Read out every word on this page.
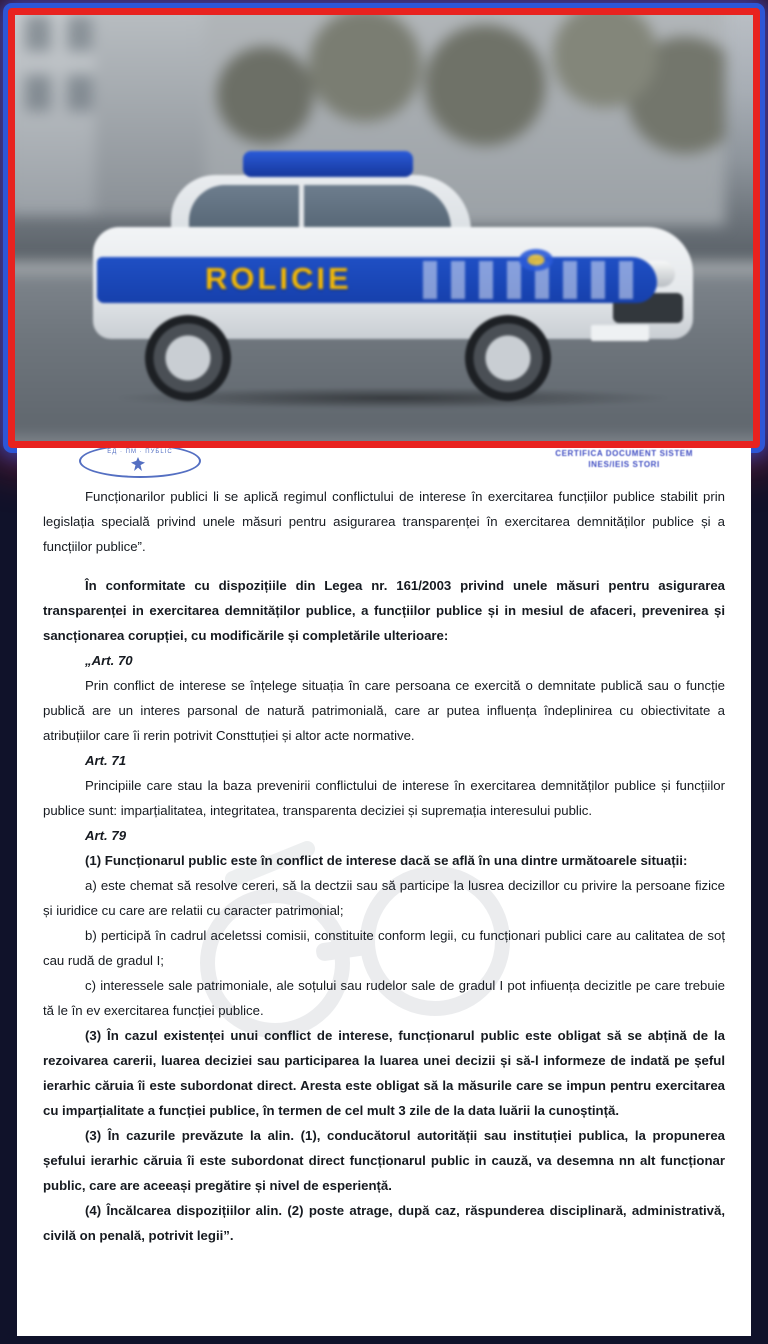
ROLICIE
ЕД · ПМ · ПУБLIC	CERTIFICA DOCUMENT SISTEM
INES/IEIS STORI

Funcționarilor publici li se aplică regimul conflictului de interese în exercitarea funcțiilor publice stabilit prin legislația specială privind unele măsuri pentru asigurarea transparenței în exercitarea demnităților publice și a funcțiilor publice”.

În conformitate cu dispozițiile din Legea nr. 161/2003 privind unele măsuri pentru asigurarea transparenței in exercitarea demnităților publice, a funcțiilor publice și in mesiul de afaceri, prevenirea și sancționarea corupției, cu modificările și completările ulterioare:

„Art. 70

Prin conflict de interese se înțelege situația în care persoana ce exercită o demnitate publică sau o funcție publică are un interes parsonal de natură patrimonială, care ar putea influența îndeplinirea cu obiectivitate a atribuțiilor care îi rerin potrivit Consttuției și altor acte normative.

Art. 71

Principiile care stau la baza prevenirii conflictului de interese în exercitarea demnităților publice și funcțiilor publice sunt: imparțialitatea, integritatea, transparenta deciziei și supremația interesului public.

Art. 79

(1) Funcționarul public este în conflict de interese dacă se află în una dintre următoarele situații:

a) este chemat să resolve cereri, să la dectzii sau să participe la lusrea decizillor cu privire la persoane fizice și iuridice cu care are relatii cu caracter patrimonial;

b) perticipă în cadrul aceletssi comisii, constituite conform legii, cu funcționari publici care au calitatea de soț cau rudă de gradul I;

c) interessele sale patrimoniale, ale soțului sau rudelor sale de gradul I pot infiuența decizitle pe care trebuie tă le în ev exercitarea funcției publice.

(3) În cazul existenței unui conflict de interese, funcționarul public este obligat să se abțină de la rezoivarea carerii, luarea deciziei sau participarea la luarea unei decizii și să-l informeze de indată pe șeful ierarhic căruia îi este subordonat direct. Aresta este obligat să la măsurile care se impun pentru exercitarea cu imparțialitate a funcției publice, în termen de cel mult 3 zile de la data luării la cunoștință.

(3) În cazurile prevăzute la alin. (1), conducătorul autorității sau instituției publica, la propunerea șefului ierarhic căruia îi este subordonat direct funcționarul public in cauză, va desemna nn alt funcționar public, care are aceeași pregătire și nivel de esperiență.

(4) Încălcarea dispozițiilor alin. (2) poste atrage, după caz, răspunderea disciplinară, administrativă, civilă on penală, potrivit legii”.
